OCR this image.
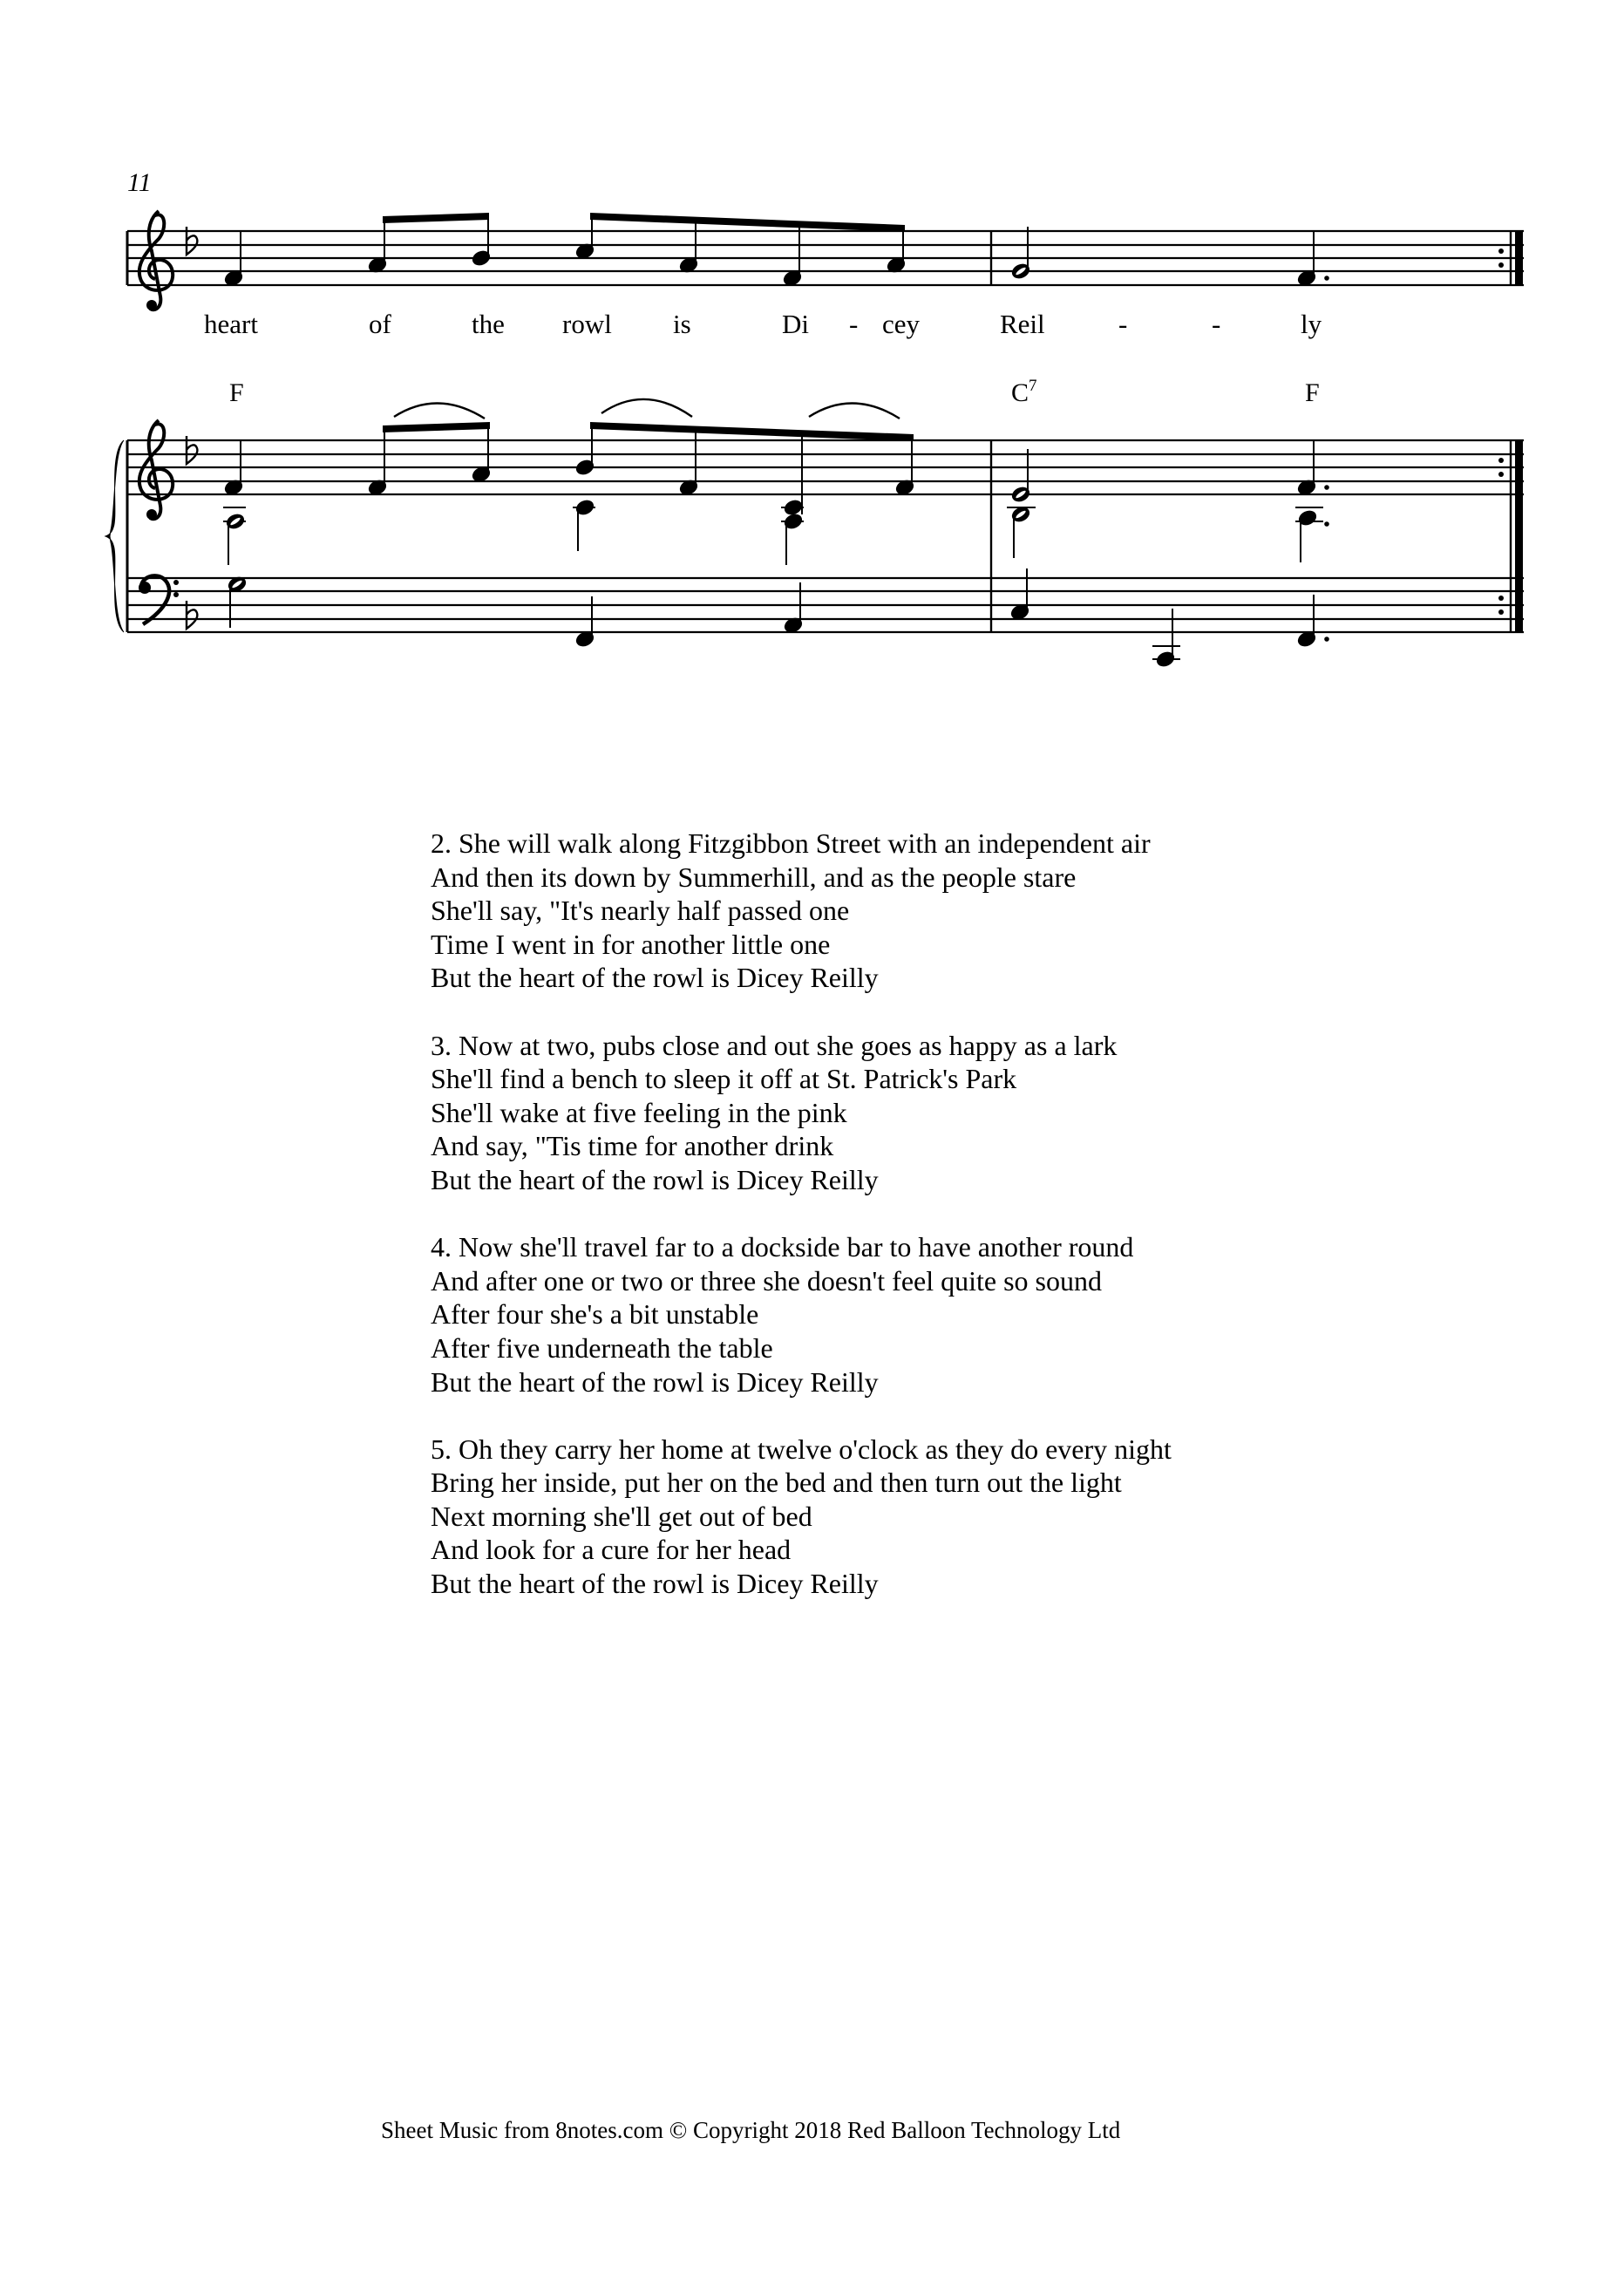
11
heart	of	the rowl is	Di - cey	Reil	-	-	ly
F	$C^7$	F
2. She will walk along Fitzgibbon Street with an independent air
And then its down by Summerhill, and as the people stare
She'll say, "It's nearly half passed one
Time I went in for another little one
But the heart of the rowl is Dicey Reilly
3. Now at two, pubs close and out she goes as happy as a lark
She'll find a bench to sleep it off at St. Patrick's Park
She'll wake at five feeling in the pink
And say, "Tis time for another drink
But the heart of the rowl is Dicey Reilly
4. Now she'll travel far to a dockside bar to have another round
And after one or two or three she doesn't feel quite so sound
After four she's a bit unstable
After five underneath the table
But the heart of the rowl is Dicey Reilly
5. Oh they carry her home at twelve o'clock as they do every night
Bring her inside, put her on the bed and then turn out the light
Next morning she'll get out of bed
And look for a cure for her head
But the heart of the rowl is Dicey Reilly
Sheet Music from 8notes.com © Copyright 2018 Red Balloon Technology Ltd
